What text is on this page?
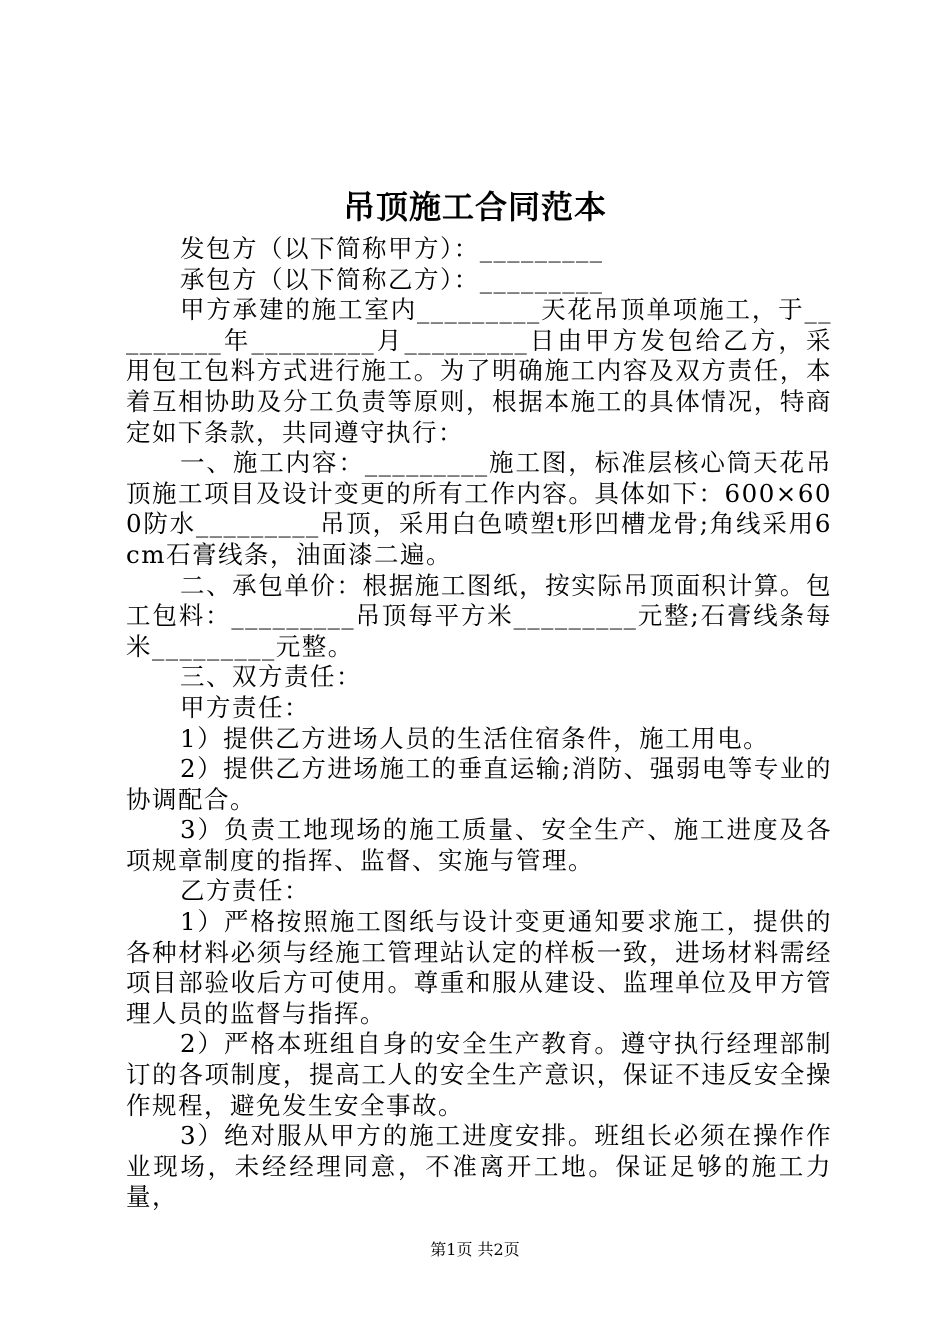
吊顶施工合同范本

发包方（以下简称甲方）：_________

承包方（以下简称乙方）：_________

甲方承建的施工室内_________天花吊顶单项施工，于_________年_________月_________日由甲方发包给乙方，采用包工包料方式进行施工。为了明确施工内容及双方责任，本着互相协助及分工负责等原则，根据本施工的具体情况，特商定如下条款，共同遵守执行：

一、施工内容：_________施工图，标准层核心筒天花吊顶施工项目及设计变更的所有工作内容。具体如下：600×600防水_________吊顶，采用白色喷塑t形凹槽龙骨;角线采用6cm石膏线条，油面漆二遍。

二、承包单价：根据施工图纸，按实际吊顶面积计算。包工包料：_________吊顶每平方米_________元整;石膏线条每米_________元整。

三、双方责任：

甲方责任：

1）提供乙方进场人员的生活住宿条件，施工用电。

2）提供乙方进场施工的垂直运输;消防、强弱电等专业的协调配合。

3）负责工地现场的施工质量、安全生产、施工进度及各项规章制度的指挥、监督、实施与管理。

乙方责任：

1）严格按照施工图纸与设计变更通知要求施工，提供的各种材料必须与经施工管理站认定的样板一致，进场材料需经项目部验收后方可使用。尊重和服从建设、监理单位及甲方管理人员的监督与指挥。

2）严格本班组自身的安全生产教育。遵守执行经理部制订的各项制度，提高工人的安全生产意识，保证不违反安全操作规程，避免发生安全事故。

3）绝对服从甲方的施工进度安排。班组长必须在操作作业现场，未经经理同意，不准离开工地。保证足够的施工力量，

第1页 共2页
